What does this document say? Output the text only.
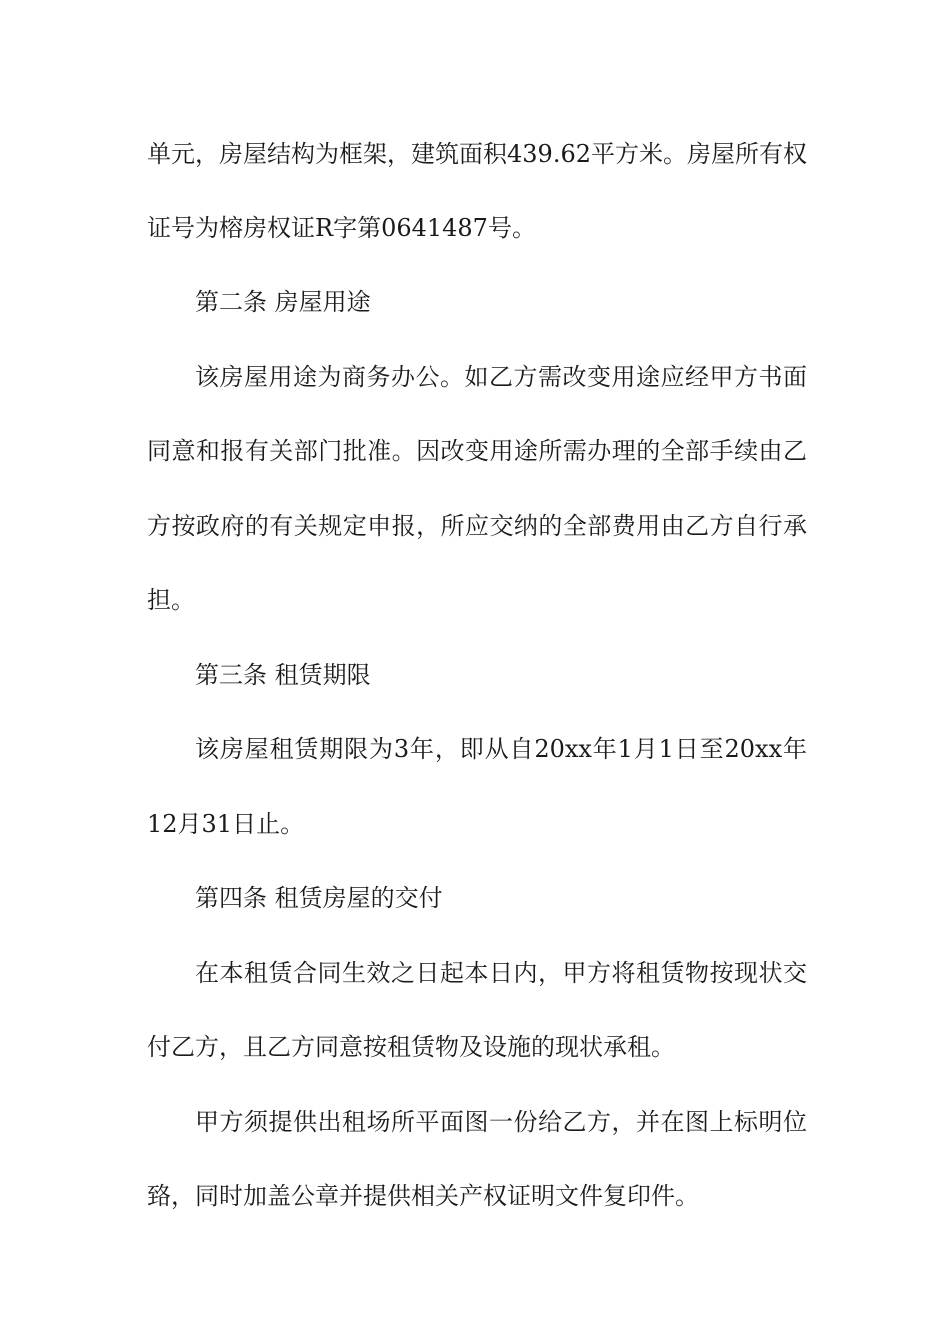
单元，房屋结构为框架，建筑面积439.62平方米。房屋所有权
证号为榕房权证R字第0641487号。
第二条 房屋用途
该房屋用途为商务办公。如乙方需改变用途应经甲方书面
同意和报有关部门批准。因改变用途所需办理的全部手续由乙
方按政府的有关规定申报，所应交纳的全部费用由乙方自行承
担。
第三条 租赁期限
该房屋租赁期限为3年，即从自20xx年1月1日至20xx年
12月31日止。
第四条 租赁房屋的交付
在本租赁合同生效之日起本日内，甲方将租赁物按现状交
付乙方，且乙方同意按租赁物及设施的现状承租。
甲方须提供出租场所平面图一份给乙方，并在图上标明位
臵，同时加盖公章并提供相关产权证明文件复印件。
